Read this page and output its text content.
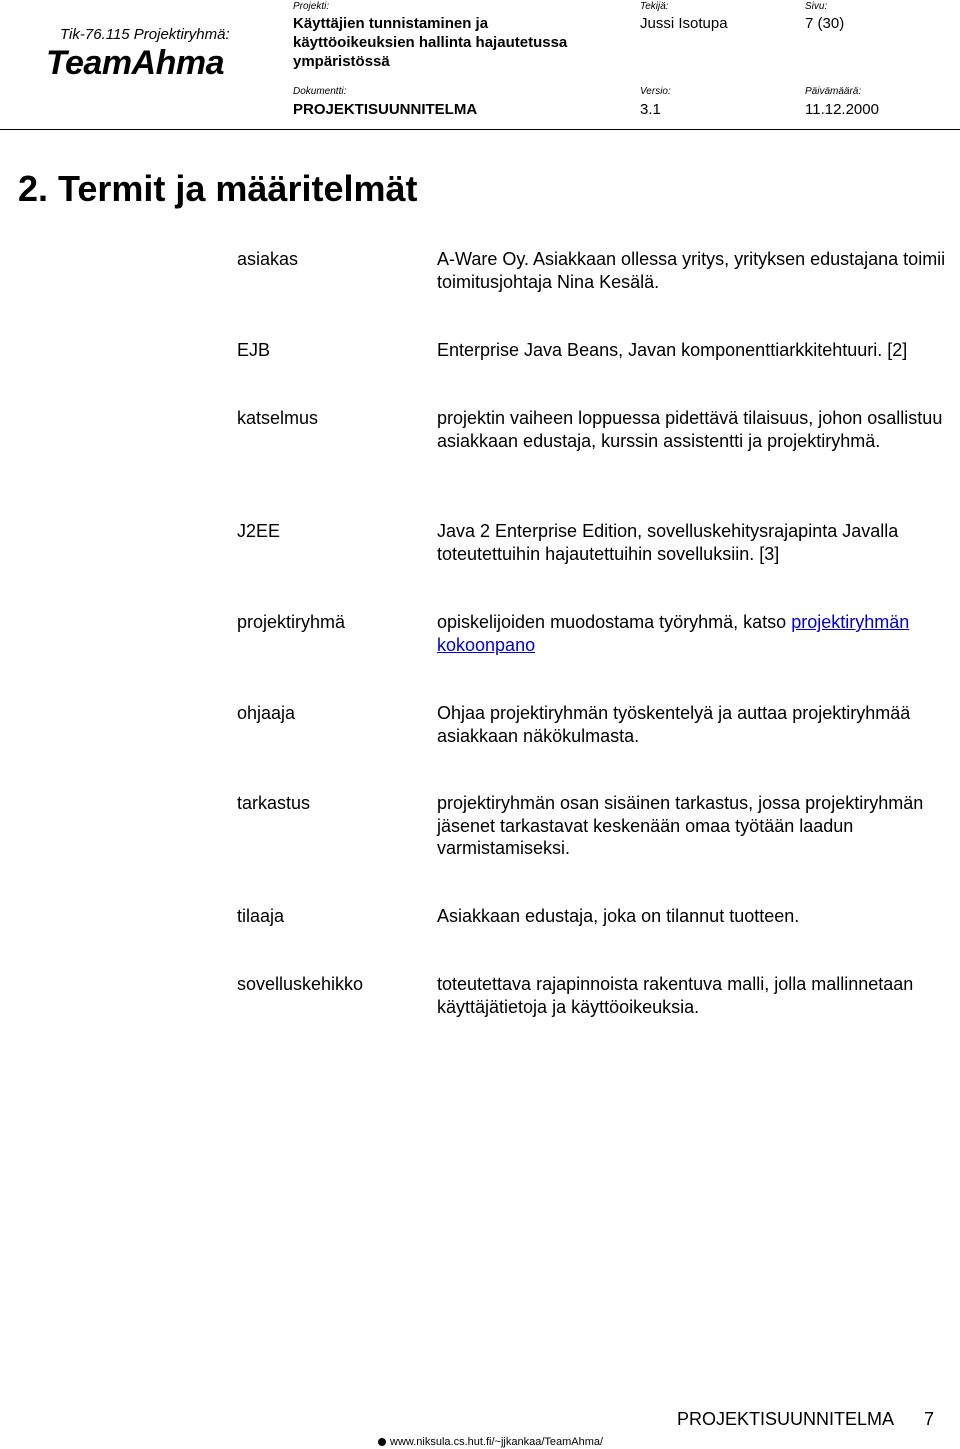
Tik-76.115 Projektiryhmä:
TeamAhma
Projekti:
Käyttäjien tunnistaminen ja käyttöoikeuksien hallinta hajautetussa ympäristössä
Tekijä:
Jussi Isotupa
Sivu:
7 (30)
Dokumentti:
PROJEKTISUUNNITELMA
Versio:
3.1
Päivämäärä:
11.12.2000
2. Termit ja määritelmät
asiakas	A-Ware Oy. Asiakkaan ollessa yritys, yrityksen edustajana toimii toimitusjohtaja Nina Kesälä.
EJB	Enterprise Java Beans, Javan komponenttiarkkitehtuuri. [2]
katselmus	projektin vaiheen loppuessa pidettävä tilaisuus, johon osallistuu asiakkaan edustaja, kurssin assistentti ja projektiryhmä.
J2EE	Java 2 Enterprise Edition, sovelluskehitysrajapinta Javalla toteutettuihin hajautettuihin sovelluksiin. [3]
projektiryhmä	opiskelijoiden muodostama työryhmä, katso projektiryhmän kokoonpano
ohjaaja	Ohjaa projektiryhmän työskentelyä ja auttaa projektiryhmää asiakkaan näkökulmasta.
tarkastus	projektiryhmän osan sisäinen tarkastus, jossa projektiryhmän jäsenet tarkastavat keskenään omaa työtään laadun varmistamiseksi.
tilaaja	Asiakkaan edustaja, joka on tilannut tuotteen.
sovelluskehikko	toteutettava rajapinnoista rakentuva malli, jolla mallinnetaan käyttäjätietoja ja käyttöoikeuksia.
PROJEKTISUUNNITELMA 7
www.niksula.cs.hut.fi/~jjkankaa/TeamAhma/
